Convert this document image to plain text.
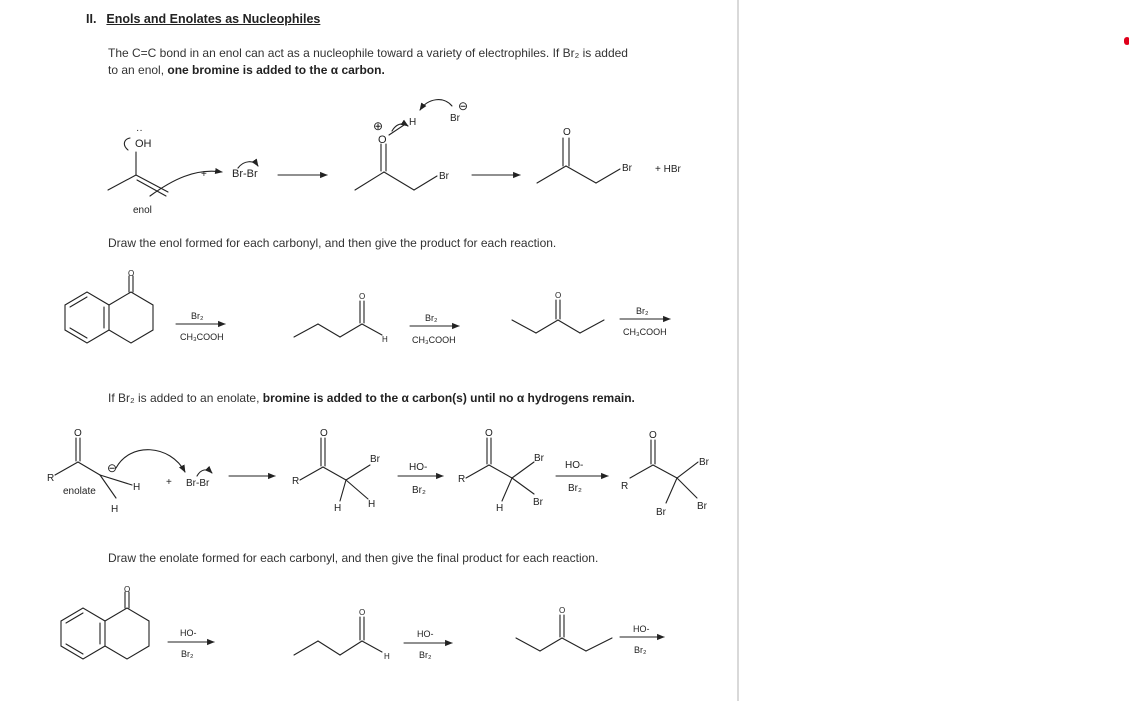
II. Enols and Enolates as Nucleophiles
The C=C bond in an enol can act as a nucleophile toward a variety of electrophiles. If Br₂ is added
to an enol, one bromine is added to the α carbon.
Draw the enol formed for each carbonyl, and then give the product for each reaction.
If Br₂ is added to an enolate, bromine is added to the α carbon(s) until no α hydrogens remain.
Draw the enolate formed for each carbonyl, and then give the final product for each reaction.
··
OH
enol
+ Br-Br
⊕
O
H
⊖
Br
Br
O
Br + HBr
O
Br₂
CH₃COOH
O
H
Br₂
CH₃COOH
O
Br₂
CH₃COOH
O
R
enolate
⊖
H
H
+ Br-Br
O
R
Br
H	H
HO-
Br₂
O
R
Br
Br
H
HO-
Br₂
O
R
Br
Br
Br
O
HO-
Br₂
O
H
HO-
Br₂
O
HO-
Br₂
